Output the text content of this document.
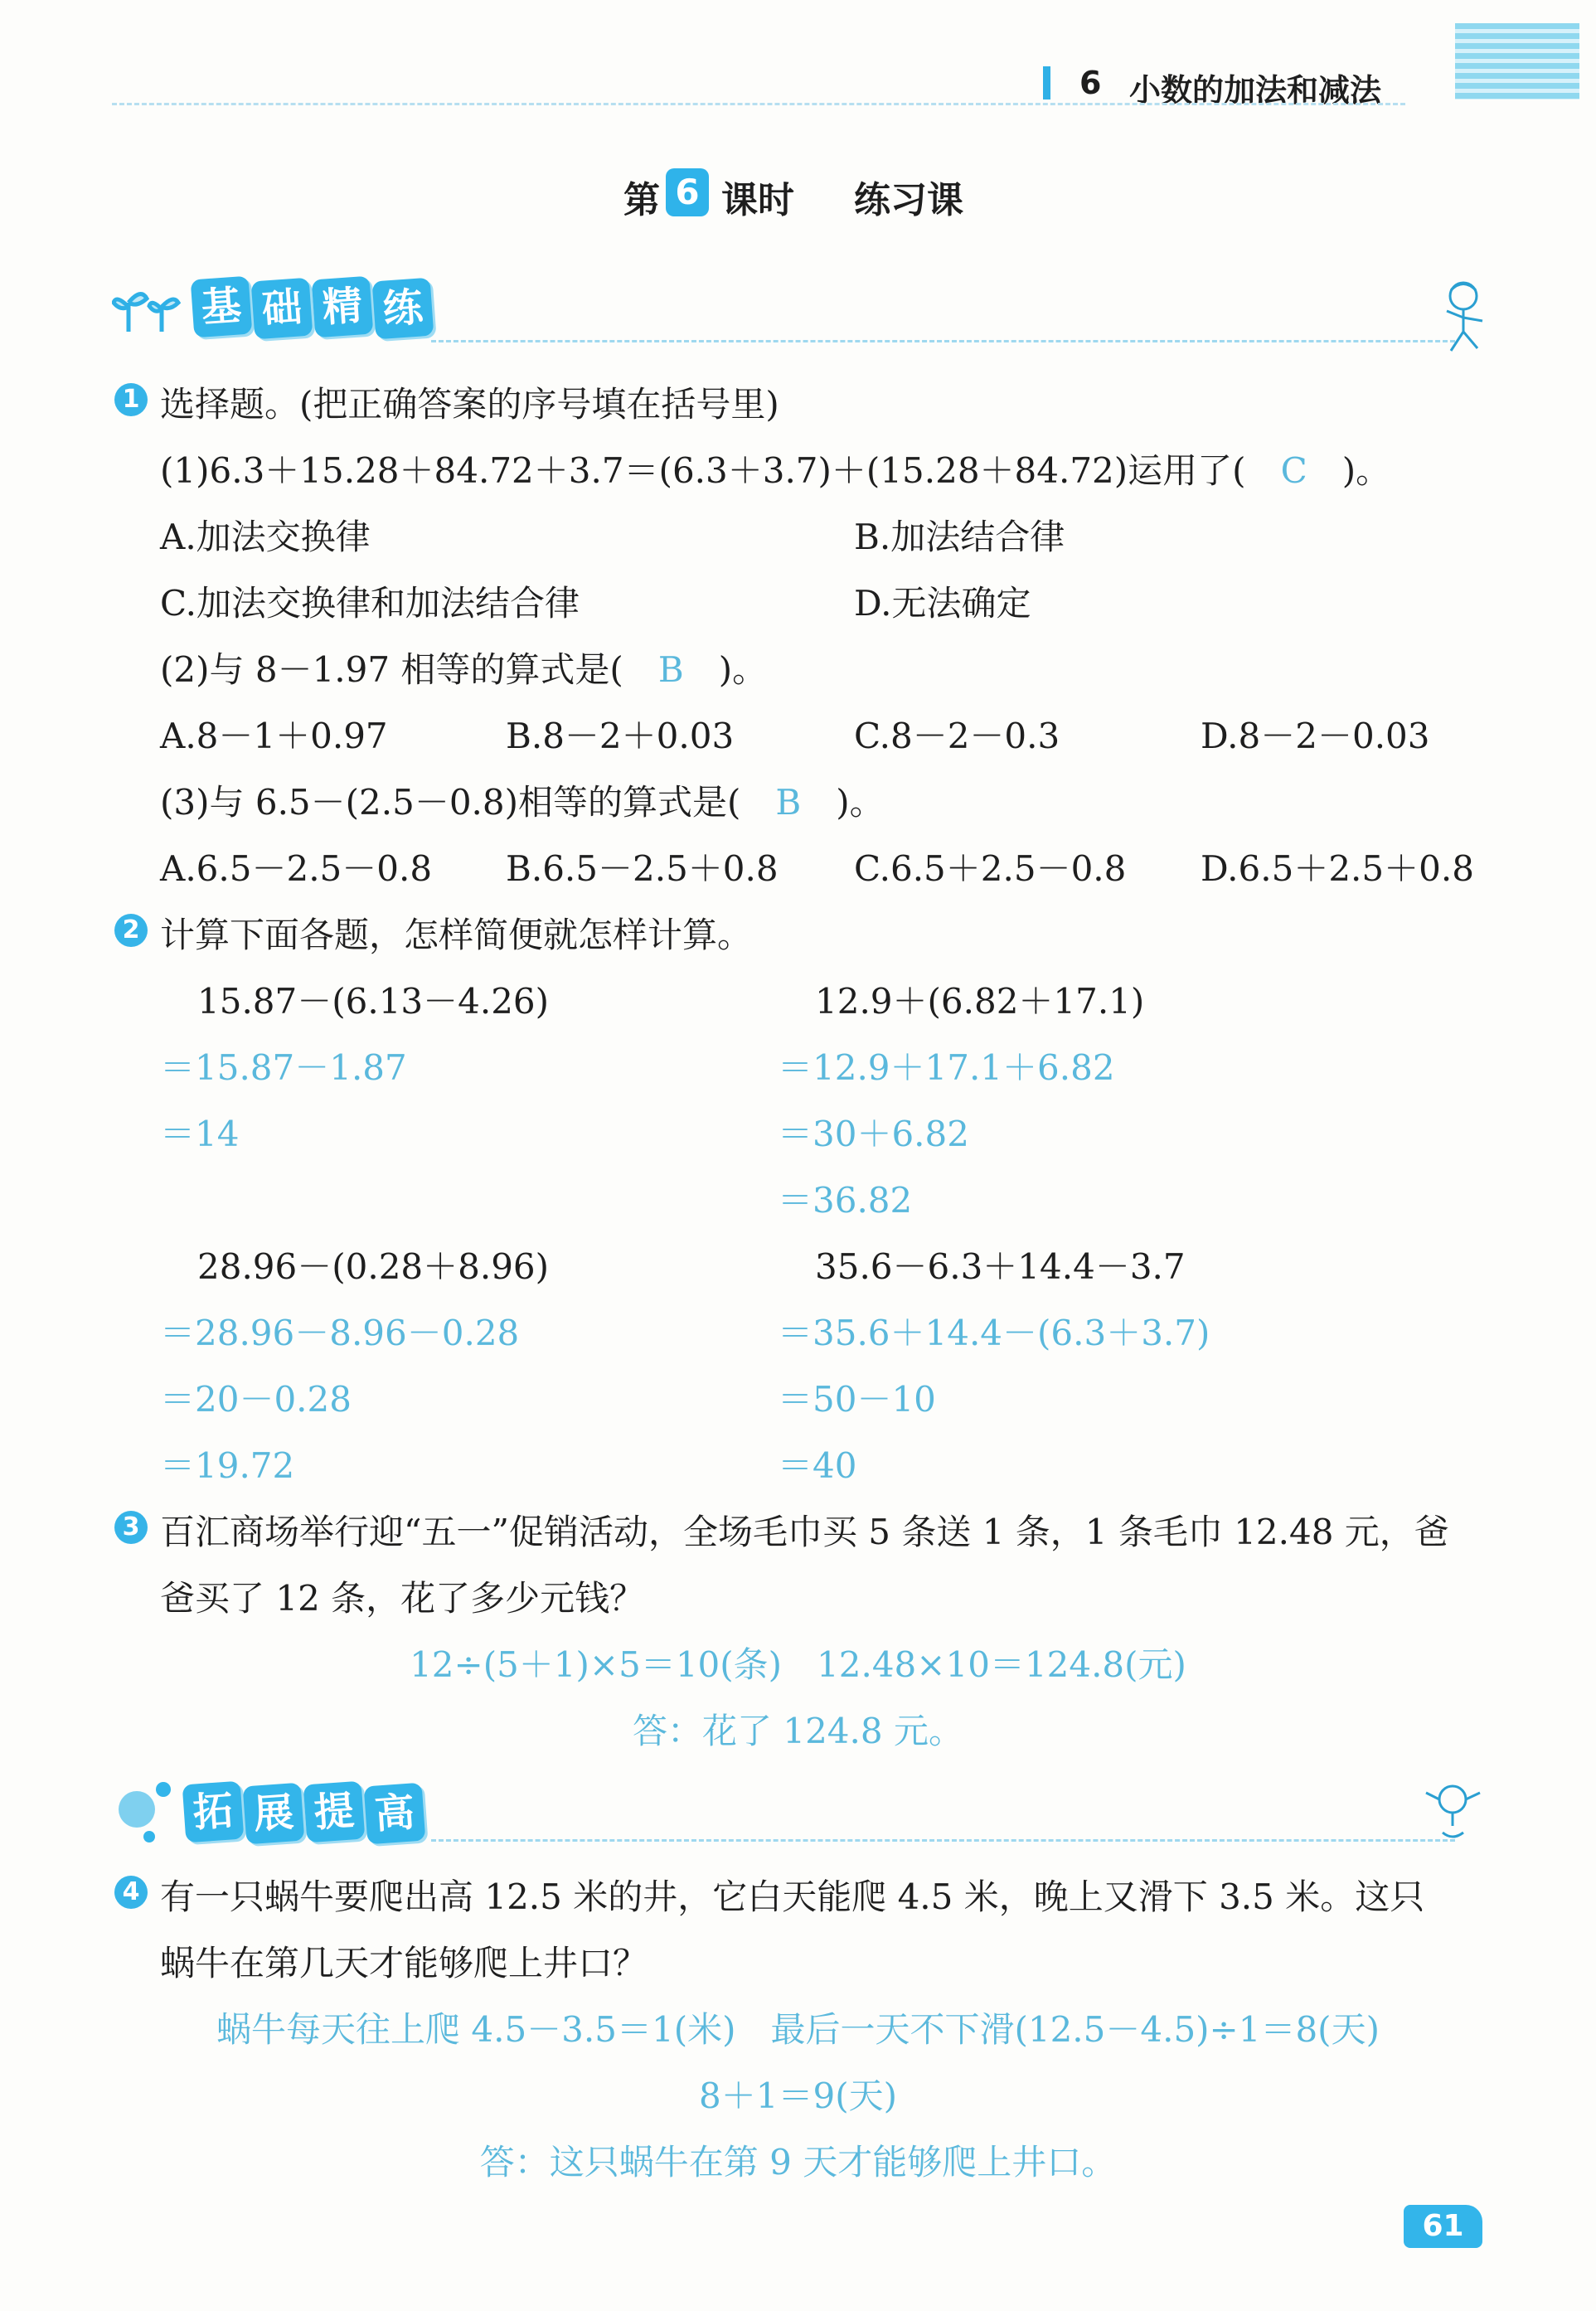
6 小数的加法和减法
第 6 课时 练习课
基 础 精 练
1 选择题。(把正确答案的序号填在括号里)
(1)6.3＋15.28＋84.72＋3.7＝(6.3＋3.7)＋(15.28＋84.72)运用了( C )。
A.加法交换律	B.加法结合律
C.加法交换律和加法结合律	D.无法确定
(2)与 8－1.97 相等的算式是( B )。
A.8－1＋0.97	B.8－2＋0.03	C.8－2－0.3	D.8－2－0.03
(3)与 6.5－(2.5－0.8)相等的算式是( B )。
A.6.5－2.5－0.8 B.6.5－2.5＋0.8 C.6.5＋2.5－0.8 D.6.5＋2.5＋0.8
2 计算下面各题，怎样简便就怎样计算。
15.87－(6.13－4.26)
＝15.87－1.87
＝14
12.9＋(6.82＋17.1)
＝12.9＋17.1＋6.82
＝30＋6.82
＝36.82
28.96－(0.28＋8.96)
＝28.96－8.96－0.28
＝20－0.28
＝19.72
35.6－6.3＋14.4－3.7
＝35.6＋14.4－(6.3＋3.7)
＝50－10
＝40
3 百汇商场举行迎“五一”促销活动，全场毛巾买 5 条送 1 条，1 条毛巾 12.48 元，爸
爸买了 12 条，花了多少元钱？
12÷(5＋1)×5＝10(条)　12.48×10＝124.8(元)
答：花了 124.8 元。
拓 展 提 高
4 有一只蜗牛要爬出高 12.5 米的井，它白天能爬 4.5 米，晚上又滑下 3.5 米。这只
蜗牛在第几天才能够爬上井口？
蜗牛每天往上爬 4.5－3.5＝1(米)　最后一天不下滑(12.5－4.5)÷1＝8(天)
8＋1＝9(天)
答：这只蜗牛在第 9 天才能够爬上井口。
61
